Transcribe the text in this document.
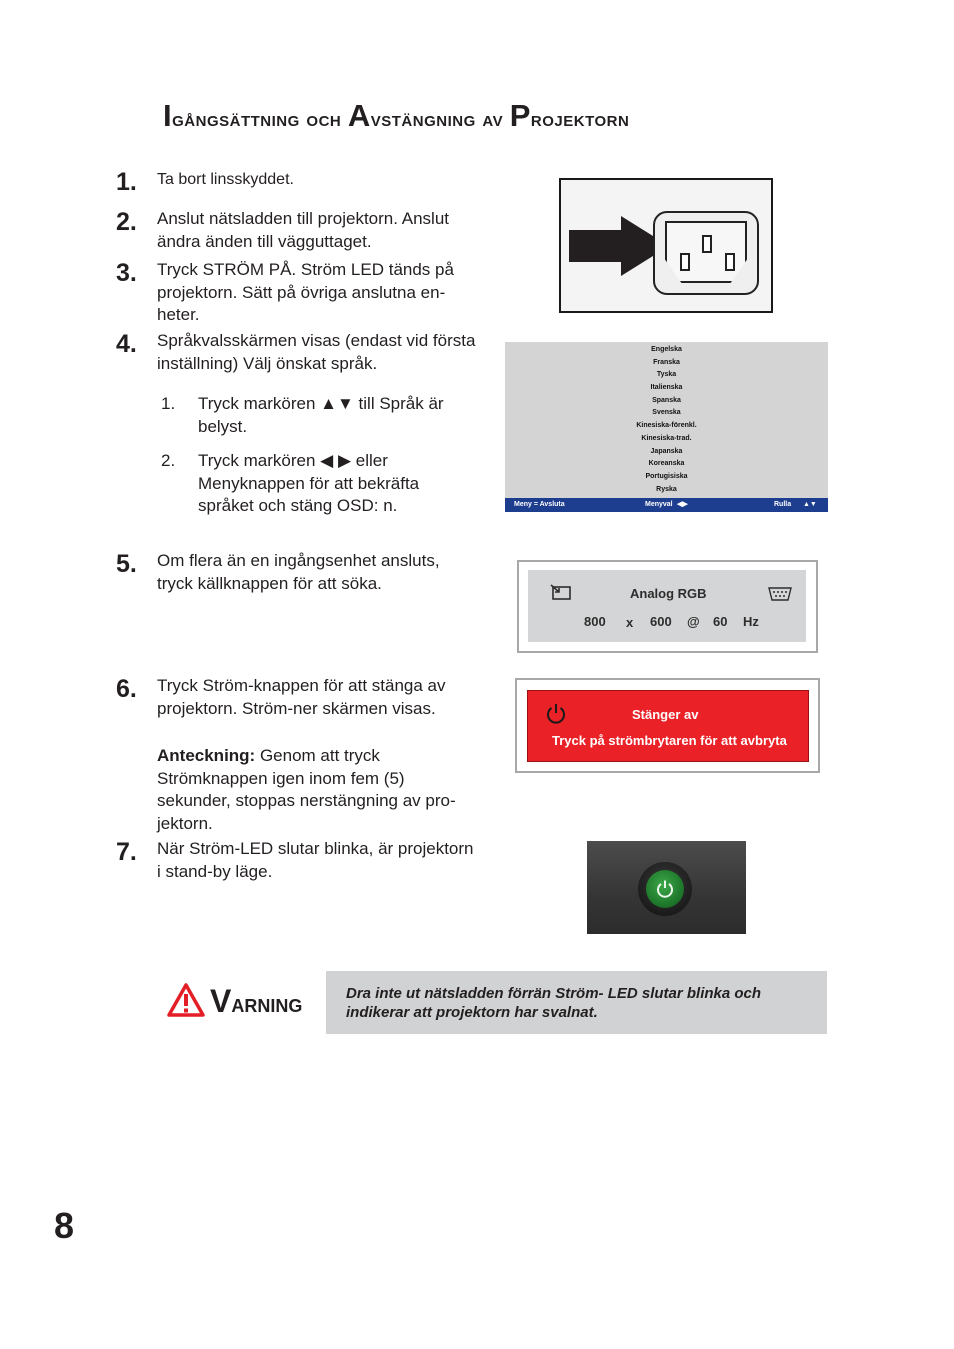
Igångsättning och Avstängning av Projektorn
1. Ta bort linsskyddet.
2. Anslut nätsladden till projektorn. Anslut
ändra änden till vägguttaget.
3. Tryck STRÖM PÅ. Ström LED tänds på
projektorn. Sätt på övriga anslutna en-
heter.
4. Språkvalsskärmen visas (endast vid första
inställning) Välj önskat språk.
1. Tryck markören ▲▼ till Språk är
belyst.
2. Tryck markören ◀ ▶ eller
Menyknappen för att bekräfta
språket och stäng OSD: n.
5. Om flera än en ingångsenhet ansluts,
tryck källknappen för att söka.
6. Tryck Ström-knappen för att stänga av
projektorn. Ström-ner skärmen visas.
Anteckning: Genom att tryck
Strömknappen igen inom fem (5)
sekunder, stoppas nerstängning av pro-
jektorn.
7. När Ström-LED slutar blinka, är projektorn
i stand-by läge.
Engelska
Franska
Tyska
Italienska
Spanska
Svenska
Kinesiska-förenkl.
Kinesiska-trad.
Japanska
Koreanska
Portugisiska
Ryska
Meny = Avsluta	Menyval ◀▶	Rulla ▲▼
Analog RGB
800 x 600 @ 60 Hz
Stänger av
Tryck på strömbrytaren för att avbryta
Varning	Dra inte ut nätsladden förrän Ström- LED slutar blinka och
indikerar att projektorn har svalnat.
8
